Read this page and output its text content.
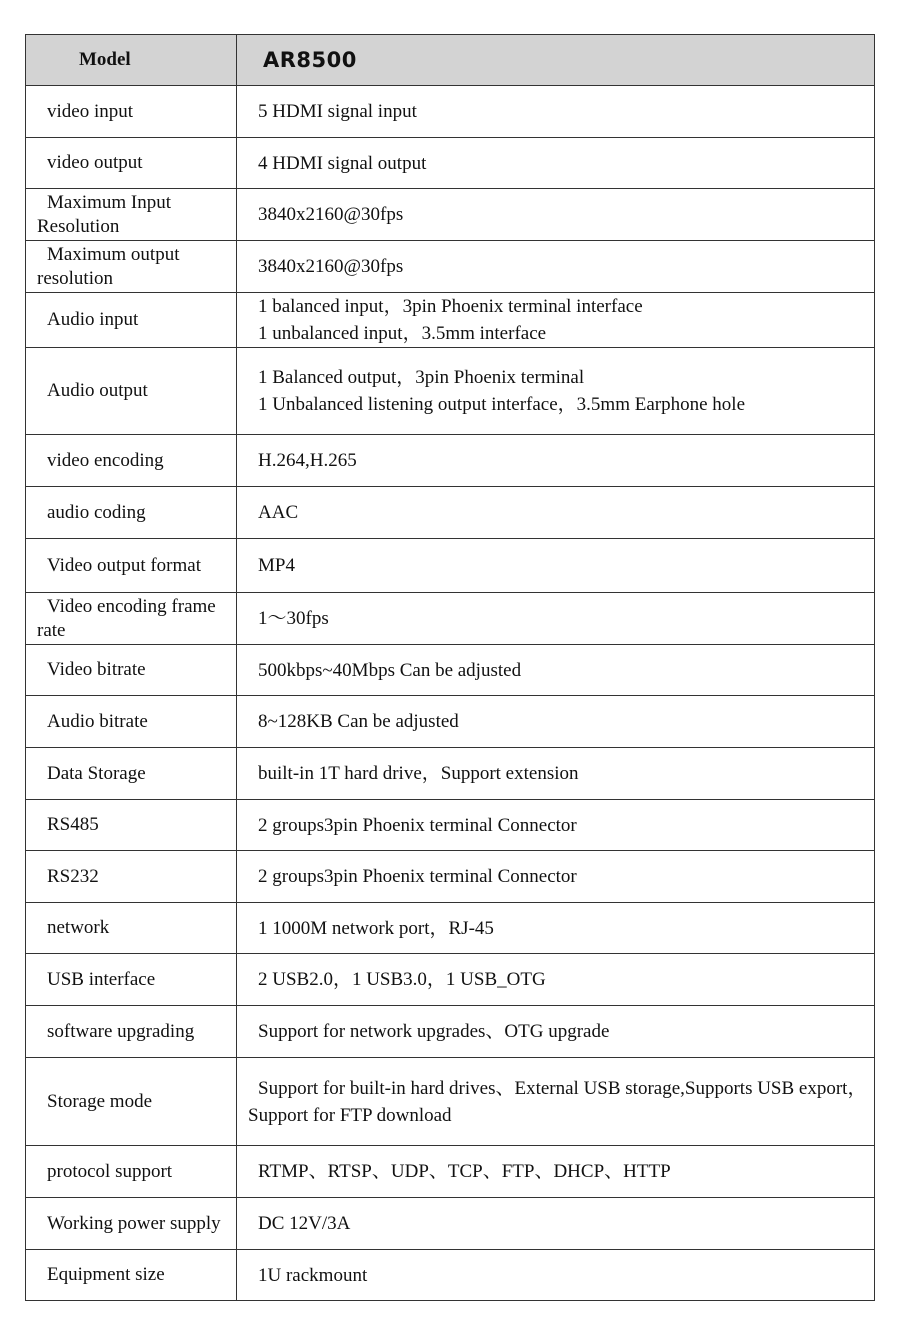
Model	AR8500

video input	5 HDMI signal input

video output	4 HDMI signal output

Maximum Input Resolution	3840x2160@30fps

Maximum output resolution	3840x2160@30fps

Audio input	1 balanced input，3pin Phoenix terminal interface
1 unbalanced input，3.5mm interface

Audio output	1 Balanced output，3pin Phoenix terminal
1 Unbalanced listening output interface，3.5mm Earphone hole

video encoding	H.264,H.265

audio coding	AAC

Video output format	MP4

Video encoding frame rate	1～30fps

Video bitrate	500kbps~40Mbps Can be adjusted

Audio bitrate	8~128KB Can be adjusted

Data Storage	built-in 1T hard drive，Support extension

RS485	2 groups3pin Phoenix terminal Connector

RS232	2 groups3pin Phoenix terminal Connector

network	1 1000M network port，RJ-45

USB interface	2 USB2.0，1 USB3.0，1 USB_OTG

software upgrading	Support for network upgrades、OTG upgrade

Storage mode	Support for built-in hard drives、External USB storage,Supports USB export，Support for FTP download

protocol support	RTMP、RTSP、UDP、TCP、FTP、DHCP、HTTP

Working power supply	DC 12V/3A

Equipment size	1U rackmount
